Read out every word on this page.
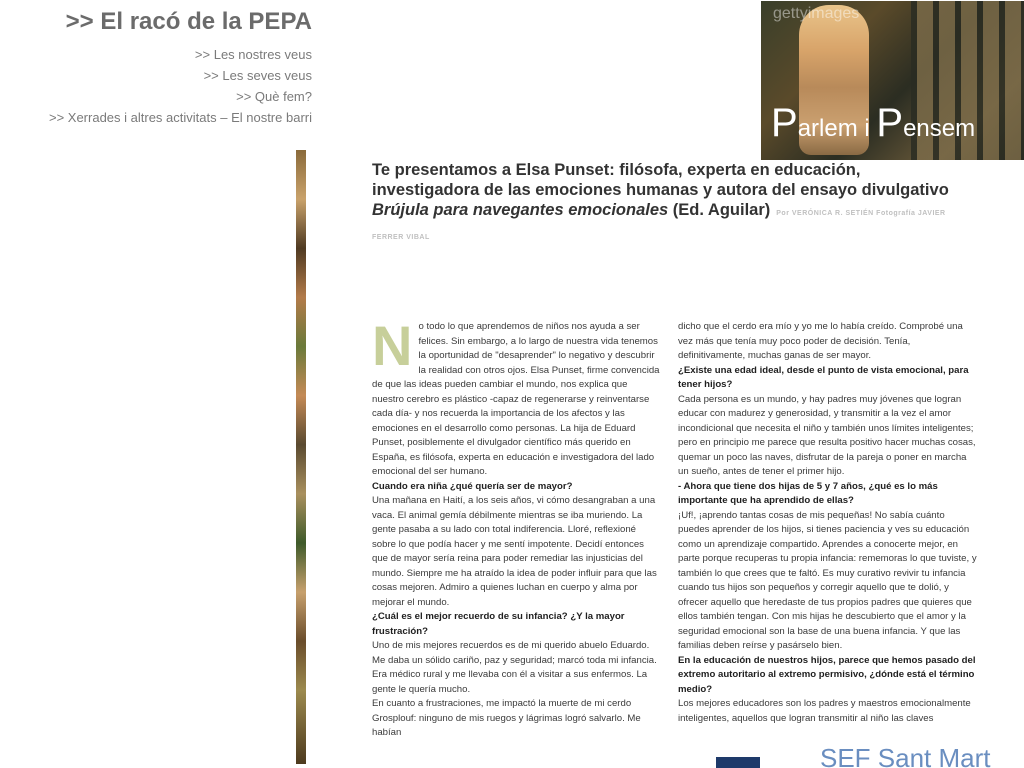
>> El racó de la PEPA
>> Les nostres veus
>> Les seves veus
>> Què fem?
>> Xerrades i altres activitats – El nostre barri
gettyimages
Parlem i Pensem
Te presentamos a Elsa Punset: filósofa, experta en educación, investigadora de las emociones humanas y autora del ensayo divulgativo Brújula para navegantes emocionales (Ed. Aguilar) Por VERÓNICA R. SETIÉN Fotografía JAVIER FERRER VIBAL
N o todo lo que aprendemos de niños nos ayuda a ser felices. Sin embargo, a lo largo de nuestra vida tenemos la oportunidad de "desaprender" lo negativo y descubrir la realidad con otros ojos. Elsa Punset, firme convencida de que las ideas pueden cambiar el mundo, nos explica que nuestro cerebro es plástico -capaz de regenerarse y reinventarse cada día- y nos recuerda la importancia de los afectos y las emociones en el desarrollo como personas. La hija de Eduard Punset, posiblemente el divulgador científico más querido en España, es filósofa, experta en educación e investigadora del lado emocional del ser humano.

Cuando era niña ¿qué quería ser de mayor?

Una mañana en Haití, a los seis años, vi cómo desangraban a una vaca. El animal gemía débilmente mientras se iba muriendo. La gente pasaba a su lado con total indiferencia. Lloré, reflexioné sobre lo que podía hacer y me sentí impotente. Decidí entonces que de mayor sería reina para poder remediar las injusticias del mundo. Siempre me ha atraído la idea de poder influir para que las cosas mejoren. Admiro a quienes luchan en cuerpo y alma por mejorar el mundo.

¿Cuál es el mejor recuerdo de su infancia? ¿Y la mayor frustración?

Uno de mis mejores recuerdos es de mi querido abuelo Eduardo. Me daba un sólido cariño, paz y seguridad; marcó toda mi infancia. Era médico rural y me llevaba con él a visitar a sus enfermos. La gente le quería mucho.

En cuanto a frustraciones, me impactó la muerte de mi cerdo Grosplouf: ninguno de mis ruegos y lágrimas logró salvarlo. Me habían

dicho que el cerdo era mío y yo me lo había creído. Comprobé una vez más que tenía muy poco poder de decisión. Tenía, definitivamente, muchas ganas de ser mayor.

¿Existe una edad ideal, desde el punto de vista emocional, para tener hijos?

Cada persona es un mundo, y hay padres muy jóvenes que logran educar con madurez y generosidad, y transmitir a la vez el amor incondicional que necesita el niño y también unos límites inteligentes; pero en principio me parece que resulta positivo hacer muchas cosas, quemar un poco las naves, disfrutar de la pareja o poner en marcha un sueño, antes de tener el primer hijo.

- Ahora que tiene dos hijas de 5 y 7 años, ¿qué es lo más importante que ha aprendido de ellas?

¡Uf!, ¡aprendo tantas cosas de mis pequeñas! No sabía cuánto puedes aprender de los hijos, si tienes paciencia y ves su educación como un aprendizaje compartido. Aprendes a conocerte mejor, en parte porque recuperas tu propia infancia: rememoras lo que tuviste, y también lo que crees que te faltó. Es muy curativo revivir tu infancia cuando tus hijos son pequeños y corregir aquello que te dolió, y ofrecer aquello que heredaste de tus propios padres que quieres que ellos también tengan. Con mis hijas he descubierto que el amor y la seguridad emocional son la base de una buena infancia. Y que las familias deben reírse y pasárselo bien.

En la educación de nuestros hijos, parece que hemos pasado del extremo autoritario al extremo permisivo, ¿dónde está el término medio?

Los mejores educadores son los padres y maestros emocionalmente inteligentes, aquellos que logran transmitir al niño las claves

SEF Sant Mart
